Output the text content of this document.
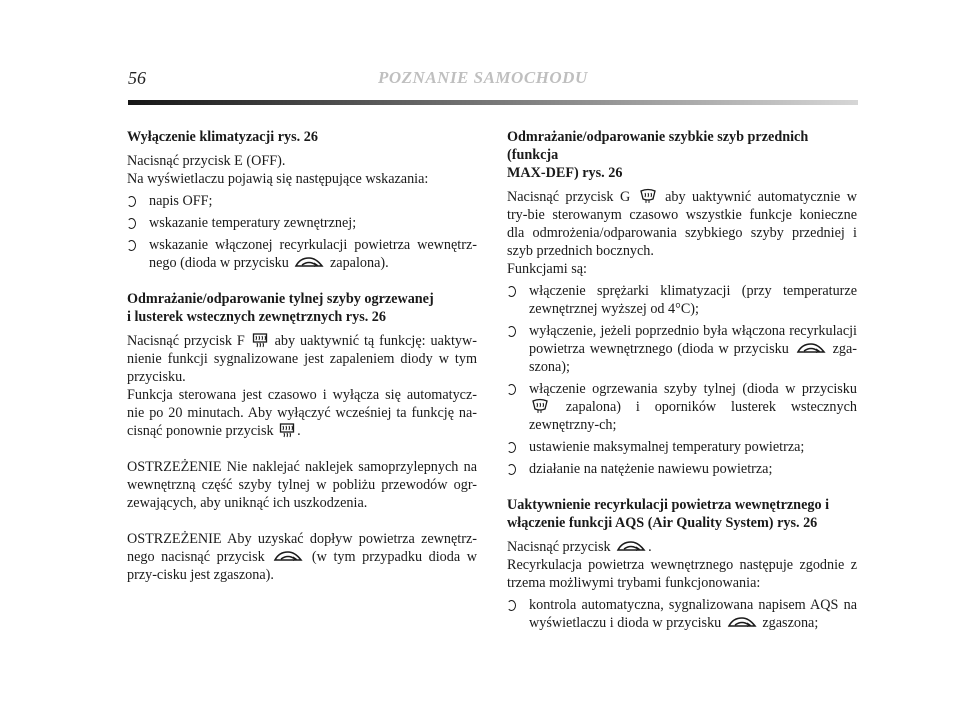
56	POZNANIE SAMOCHODU
Wyłączenie klimatyzacji rys. 26

Nacisnąć przycisk E (OFF).

Na wyświetlaczu pojawią się następujące wskazania:

napis OFF;
wskazanie temperatury zewnętrznej;
wskazanie włączonej recyrkulacji powietrza wewnętrz-nego (dioda w przycisku	zapalona).
Odmrażanie/odparowanie tylnej szyby ogrzewanej
i lusterek wstecznych zewnętrznych rys. 26

Nacisnąć przycisk F aby uaktywnić tą funkcję: uaktyw-nienie funkcji sygnalizowane jest zapaleniem diody w tym przycisku.

Funkcja sterowana jest czasowo i wyłącza się automatycz-nie po 20 minutach. Aby wyłączyć wcześniej ta funkcję na-cisnąć ponownie przycisk .

OSTRZEŻENIE Nie naklejać naklejek samoprzylepnych na wewnętrzną część szyby tylnej w pobliżu przewodów ogr-zewających, aby uniknąć ich uszkodzenia.

OSTRZEŻENIE Aby uzyskać dopływ powietrza zewnętrz-nego nacisnąć przycisk	(w tym przypadku dioda w przy-cisku jest zgaszona).

Odmrażanie/odparowanie szybkie szyb przednich (funkcja
MAX-DEF) rys. 26

Nacisnąć przycisk G aby uaktywnić automatycznie w try-bie sterowanym czasowo wszystkie funkcje konieczne dla odmrożenia/odparowania szybkiego szyby przedniej i szyb przednich bocznych.

Funkcjami są:

włączenie sprężarki klimatyzacji (przy temperaturze zewnętrznej wyższej od 4°C);
wyłączenie, jeżeli poprzednio była włączona recyrkulacji powietrza wewnętrznego (dioda w przycisku	zga-szona);
włączenie ogrzewania szyby tylnej (dioda w przycisku  zapalona) i oporników lusterek wstecznych zewnętrzny-ch;
ustawienie maksymalnej temperatury powietrza;
działanie na natężenie nawiewu powietrza;
Uaktywnienie recyrkulacji powietrza wewnętrznego i
włączenie funkcji AQS (Air Quality System) rys. 26

Nacisnąć przycisk	.

Recyrkulacja powietrza wewnętrznego następuje zgodnie z trzema możliwymi trybami funkcjonowania:

kontrola automatyczna, sygnalizowana napisem AQS na wyświetlaczu i dioda w przycisku	zgaszona;
